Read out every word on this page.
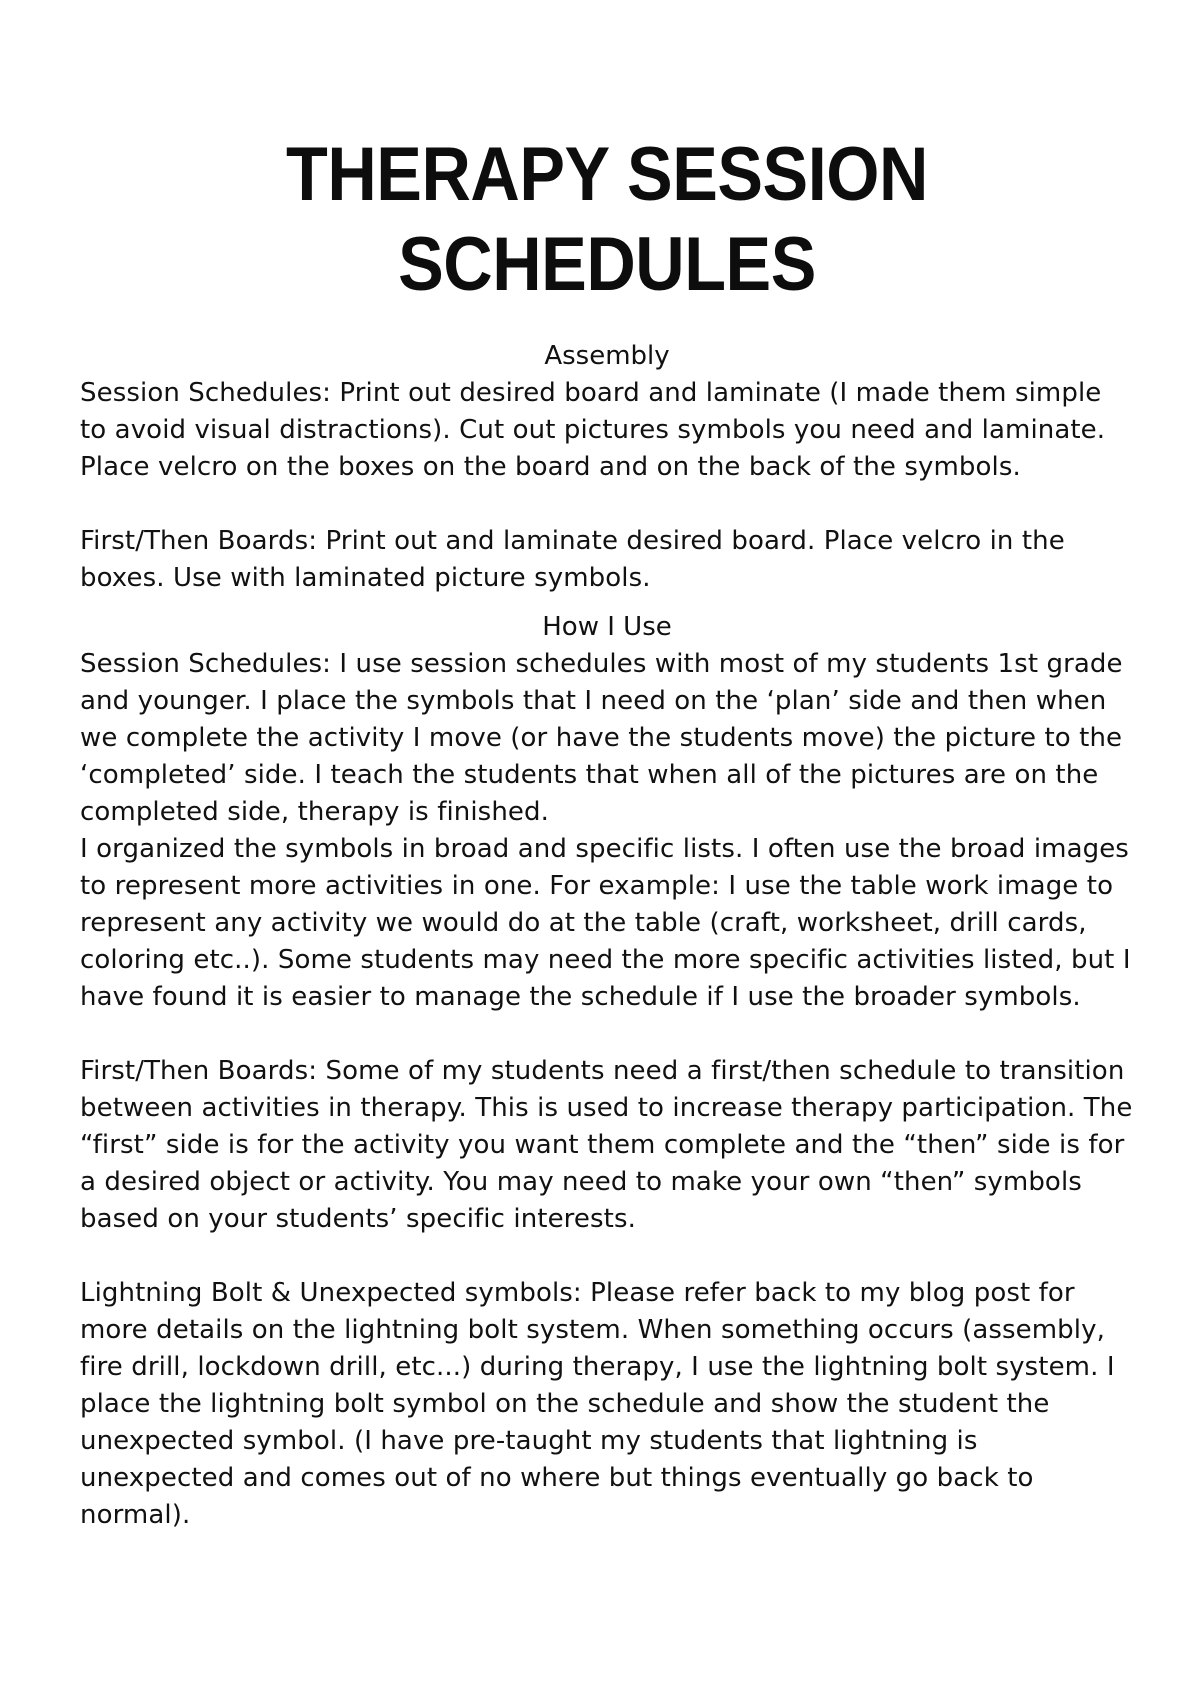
THERAPY SESSION SCHEDULES
Assembly

Session Schedules: Print out desired board and laminate (I made them simple to avoid visual distractions). Cut out pictures symbols you need and laminate. Place velcro on the boxes on the board and on the back of the symbols.

First/Then Boards: Print out and laminate desired board. Place velcro in the boxes. Use with laminated picture symbols.

How I Use

Session Schedules: I use session schedules with most of my students 1st grade and younger. I place the symbols that I need on the ‘plan’ side and then when we complete the activity I move (or have the students move) the picture to the ‘completed’ side. I teach the students that when all of the pictures are on the completed side, therapy is finished.

I organized the symbols in broad and specific lists. I often use the broad images to represent more activities in one. For example: I use the table work image to represent any activity we would do at the table (craft, worksheet, drill cards, coloring etc..). Some students may need the more specific activities listed, but I have found it is easier to manage the schedule if I use the broader symbols.

First/Then Boards: Some of my students need a first/then schedule to transition between activities in therapy. This is used to increase therapy participation. The “first” side is for the activity you want them complete and the “then” side is for a desired object or activity. You may need to make your own “then” symbols based on your students’ specific interests.

Lightning Bolt & Unexpected symbols: Please refer back to my blog post for more details on the lightning bolt system. When something occurs (assembly, fire drill, lockdown drill, etc...) during therapy, I use the lightning bolt system. I place the lightning bolt symbol on the schedule and show the student the unexpected symbol. (I have pre-taught my students that lightning is unexpected and comes out of no where but things eventually go back to normal).
